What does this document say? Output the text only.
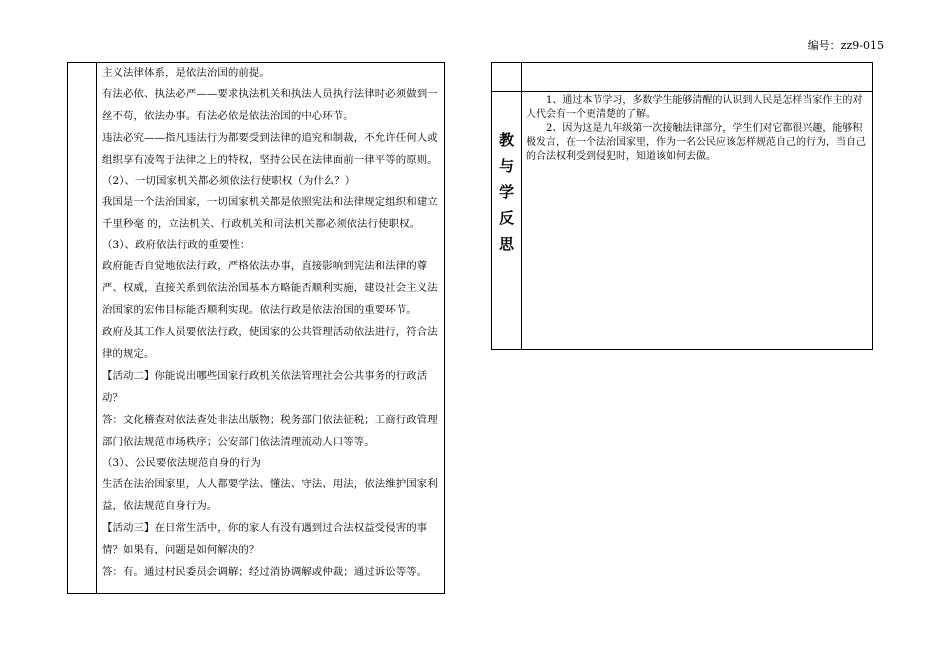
编号：zz9-015

主义法律体系，是依法治国的前提。

有法必依、执法必严——要求执法机关和执法人员执行法律时必须做到一丝不苟，依法办事。有法必依是依法治国的中心环节。

违法必究——指凡违法行为都要受到法律的追究和制裁，不允许任何人或组织享有凌驾于法律之上的特权，坚持公民在法律面前一律平等的原则。

（2）、一切国家机关都必须依法行使职权（为什么？）

我国是一个法治国家，一切国家机关都是依照宪法和法律规定组织和建立千里秒毫 的，立法机关、行政机关和司法机关都必须依法行使职权。

（3）、政府依法行政的重要性：

政府能否自觉地依法行政，严格依法办事，直接影响到宪法和法律的尊严、权威，直接关系到依法治国基本方略能否顺利实施，建设社会主义法治国家的宏伟目标能否顺利实现。依法行政是依法治国的重要环节。

政府及其工作人员要依法行政，使国家的公共管理活动依法进行，符合法律的规定。

【活动二】你能说出哪些国家行政机关依法管理社会公共事务的行政活动？

答：文化稽查对依法查处非法出版物；税务部门依法征税；工商行政管理部门依法规范市场秩序；公安部门依法清理流动人口等等。

（3）、公民要依法规范自身的行为

生活在法治国家里，人人都要学法、懂法、守法、用法，依法维护国家利益，依法规范自身行为。

【活动三】在日常生活中，你的家人有没有遇到过合法权益受侵害的事情？如果有，问题是如何解决的？

答：有。通过村民委员会调解；经过消协调解或仲裁；通过诉讼等等。

教
与
学
反
思

1、通过本节学习，多数学生能够清醒的认识到人民是怎样当家作主的对人代会有一个更清楚的了解。

2、因为这是九年级第一次接触法律部分，学生们对它都很兴趣，能够积极发言，在一个法治国家里，作为一名公民应该怎样规范自己的行为，当自己的合法权利受到侵犯时，知道该如何去做。
